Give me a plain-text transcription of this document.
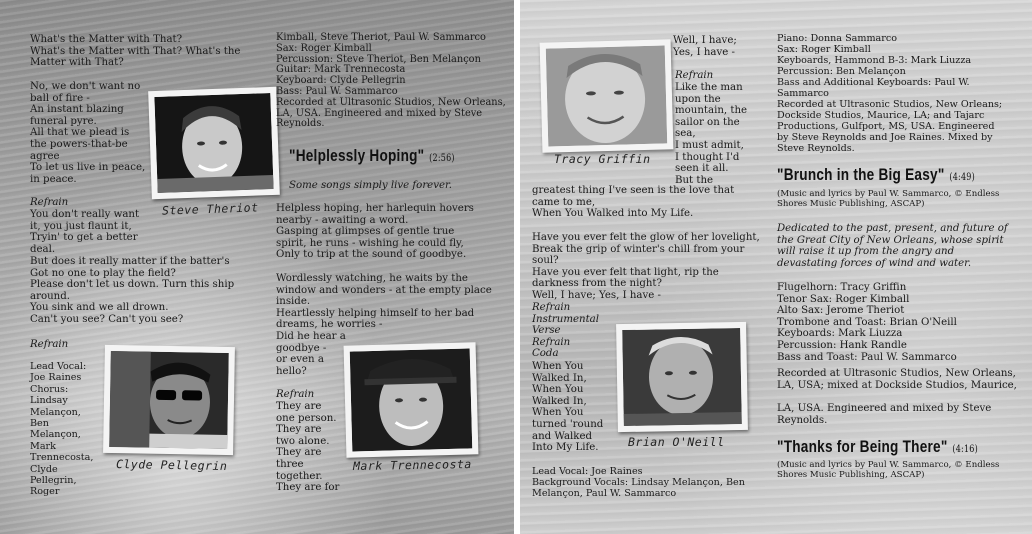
What's the Matter with That?
What's the Matter with That? What's the Matter with That?
No, we don't want no
ball of fire -
An instant blazing
funeral pyre.
All that we plead is
the powers-that-be
agree
To let us live in peace,
in peace.
Refrain
You don't really want
it, you just flaunt it,
Tryin' to get a better
deal.
But does it really matter if the batter's
Got no one to play the field?
Please don't let us down. Turn this ship
around.
You sink and we all drown.
Can't you see? Can't you see?
Refrain
Lead Vocal:
Joe Raines
Chorus:
Lindsay
Melançon,
Ben
Melançon,
Mark
Trennecosta,
Clyde
Pellegrin,
Roger
Steve Theriot
Clyde Pellegrin
Kimball, Steve Theriot, Paul W. Sammarco
Sax: Roger Kimball
Percussion: Steve Theriot, Ben Melançon
Guitar: Mark Trennecosta
Keyboard: Clyde Pellegrin
Bass: Paul W. Sammarco
Recorded at Ultrasonic Studios, New Orleans,
LA, USA. Engineered and mixed by Steve
Reynolds.
"Helplessly Hoping" (2:56)
Some songs simply live forever.
Helpless hoping, her harlequin hovers
nearby - awaiting a word.
Gasping at glimpses of gentle true
spirit, he runs - wishing he could fly,
Only to trip at the sound of goodbye.
Wordlessly watching, he waits by the
window and wonders - at the empty place
inside.
Heartlessly helping himself to her bad
dreams, he worries -
Did he hear a
goodbye -
or even a
hello?
Refrain
They are
one person.
They are
two alone.
They are
three
together.
They are for
Mark Trennecosta
Tracy Griffin
Well, I have;
Yes, I have -
Refrain
Like the man
upon the
mountain, the
sailor on the
sea,
I must admit,
I thought I'd
seen it all.
But the
greatest thing I've seen is the love that
came to me,
When You Walked into My Life.
Have you ever felt the glow of her lovelight,
Break the grip of winter's chill from your
soul?
Have you ever felt that light, rip the
darkness from the night?
Well, I have; Yes, I have -
Refrain
Instrumental
Verse
Refrain
Coda
When You
Walked In,
When You
Walked In,
When You
turned 'round
and Walked
Into My Life.	Brian O'Neill
Lead Vocal: Joe Raines
Background Vocals: Lindsay Melançon, Ben
Melançon, Paul W. Sammarco
Piano: Donna Sammarco
Sax: Roger Kimball
Keyboards, Hammond B-3: Mark Liuzza
Percussion: Ben Melançon
Bass and Additional Keyboards: Paul W.
Sammarco
Recorded at Ultrasonic Studios, New Orleans;
Dockside Studios, Maurice, LA; and Tajarc
Productions, Gulfport, MS, USA. Engineered
by Steve Reynolds and Joe Raines. Mixed by
Steve Reynolds.
"Brunch in the Big Easy" (4:49)
(Music and lyrics by Paul W. Sammarco, © Endless
Shores Music Publishing, ASCAP)
Dedicated to the past, present, and future of
the Great City of New Orleans, whose spirit
will raise it up from the angry and
devastating forces of wind and water.
Flugelhorn: Tracy Griffin
Tenor Sax: Roger Kimball
Alto Sax: Jerome Theriot
Trombone and Toast: Brian O'Neill
Keyboards: Mark Liuzza
Percussion: Hank Randle
Bass and Toast: Paul W. Sammarco
Recorded at Ultrasonic Studios, New Orleans,
LA, USA; mixed at Dockside Studios, Maurice,
LA, USA. Engineered and mixed by Steve
Reynolds.
"Thanks for Being There" (4:16)
(Music and lyrics by Paul W. Sammarco, © Endless
Shores Music Publishing, ASCAP)
